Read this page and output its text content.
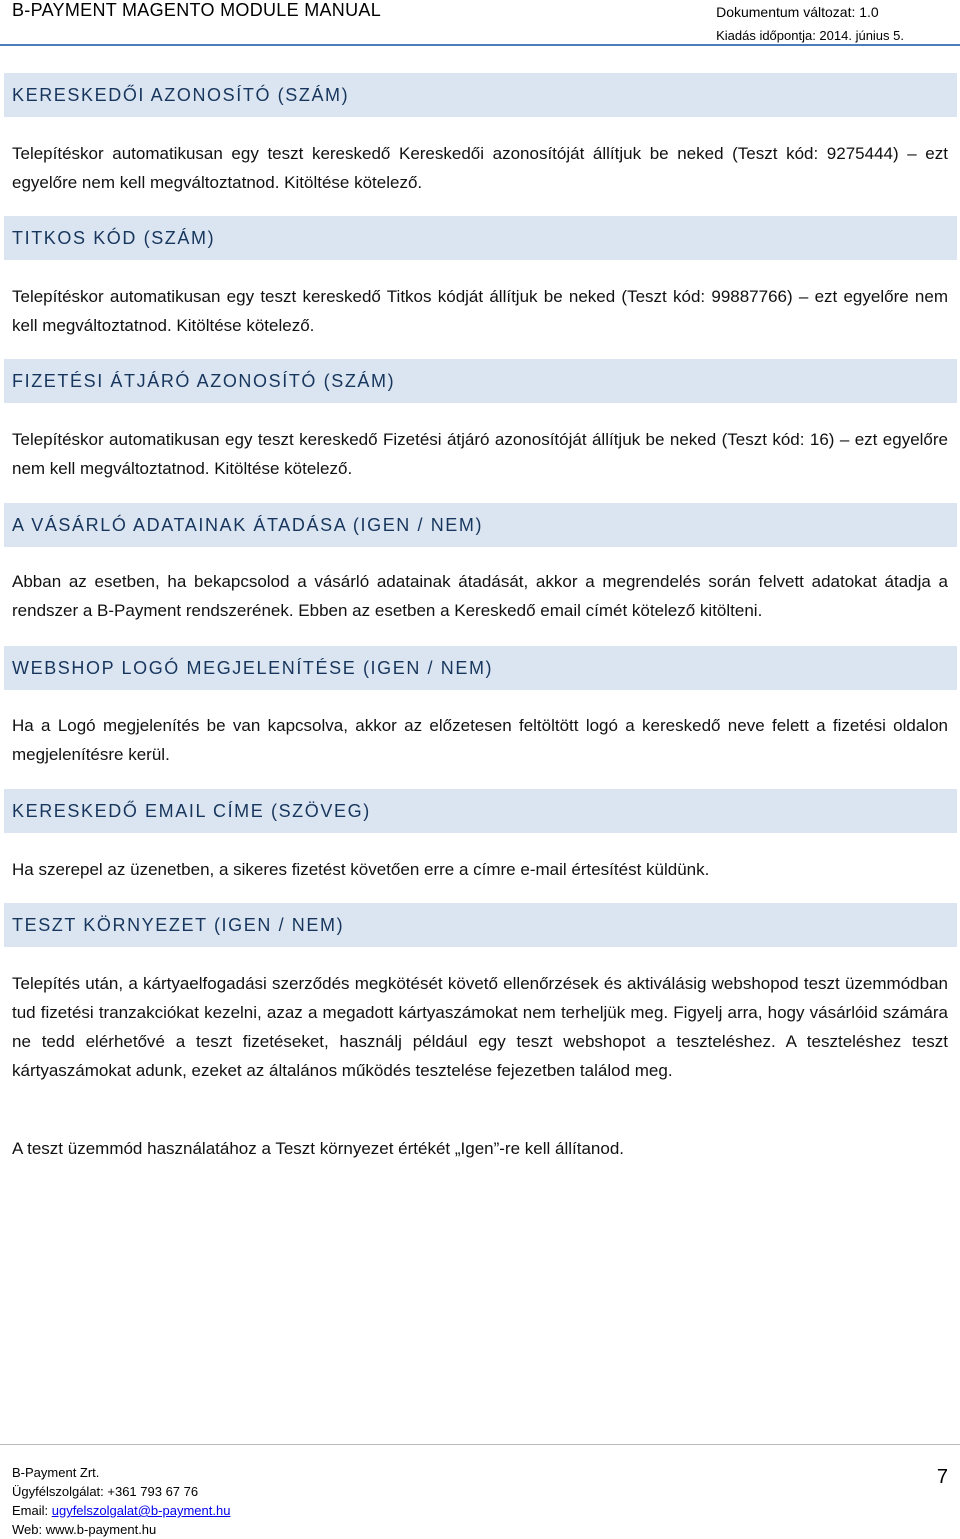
B-PAYMENT MAGENTO MODULE MANUAL	Dokumentum változat: 1.0
Kiadás időpontja: 2014. június 5.
KERESKEDŐI AZONOSÍTÓ (SZÁM)
Telepítéskor automatikusan egy teszt kereskedő Kereskedői azonosítóját állítjuk be neked (Teszt kód: 9275444) – ezt egyelőre nem kell megváltoztatnod. Kitöltése kötelező.
TITKOS KÓD (SZÁM)
Telepítéskor automatikusan egy teszt kereskedő Titkos kódját állítjuk be neked (Teszt kód: 99887766) – ezt egyelőre nem kell megváltoztatnod. Kitöltése kötelező.
FIZETÉSI ÁTJÁRÓ AZONOSÍTÓ (SZÁM)
Telepítéskor automatikusan egy teszt kereskedő Fizetési átjáró azonosítóját állítjuk be neked (Teszt kód: 16) – ezt egyelőre nem kell megváltoztatnod. Kitöltése kötelező.
A VÁSÁRLÓ ADATAINAK ÁTADÁSA (IGEN / NEM)
Abban az esetben, ha bekapcsolod a vásárló adatainak átadását, akkor a megrendelés során felvett adatokat átadja a rendszer a B-Payment rendszerének. Ebben az esetben a Kereskedő email címét kötelező kitölteni.
WEBSHOP LOGÓ MEGJELENÍTÉSE (IGEN / NEM)
Ha a Logó megjelenítés be van kapcsolva, akkor az előzetesen feltöltött logó a kereskedő neve felett a fizetési oldalon megjelenítésre kerül.
KERESKEDŐ EMAIL CÍME (SZÖVEG)
Ha szerepel az üzenetben, a sikeres fizetést követően erre a címre e-mail értesítést küldünk.
TESZT KÖRNYEZET (IGEN / NEM)
Telepítés után, a kártyaelfogadási szerződés megkötését követő ellenőrzések és aktiválásig webshopod teszt üzemmódban tud fizetési tranzakciókat kezelni, azaz a megadott kártyaszámokat nem terheljük meg. Figyelj arra, hogy vásárlóid számára ne tedd elérhetővé a teszt fizetéseket, használj például egy teszt webshopot a teszteléshez. A teszteléshez teszt kártyaszámokat adunk, ezeket az általános működés tesztelése fejezetben találod meg.
A teszt üzemmód használatához a Teszt környezet értékét „Igen”-re kell állítanod.
B-Payment Zrt.
Ügyfélszolgálat: +361 793 67 76
Email: ugyfelszolgalat@b-payment.hu
Web: www.b-payment.hu
7
